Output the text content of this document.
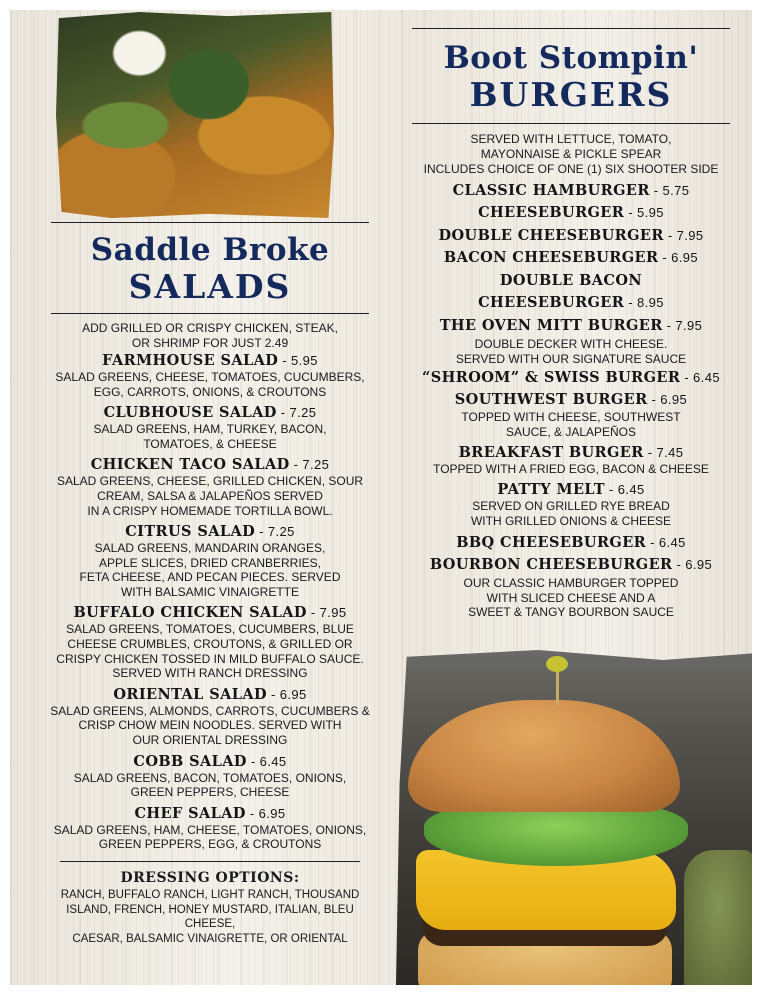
Saddle Broke
SALADS
ADD GRILLED OR CRISPY CHICKEN, STEAK,
OR SHRIMP FOR JUST 2.49
FARMHOUSE SALAD - 5.95
SALAD GREENS, CHEESE, TOMATOES, CUCUMBERS,
EGG, CARROTS, ONIONS, & CROUTONS
CLUBHOUSE SALAD - 7.25
SALAD GREENS, HAM, TURKEY, BACON,
TOMATOES, & CHEESE
CHICKEN TACO SALAD - 7.25
SALAD GREENS, CHEESE, GRILLED CHICKEN, SOUR
CREAM, SALSA & JALAPEÑOS SERVED
IN A CRISPY HOMEMADE TORTILLA BOWL.
CITRUS SALAD - 7.25
SALAD GREENS, MANDARIN ORANGES,
APPLE SLICES, DRIED CRANBERRIES,
FETA CHEESE, AND PECAN PIECES. SERVED
WITH BALSAMIC VINAIGRETTE
BUFFALO CHICKEN SALAD - 7.95
SALAD GREENS, TOMATOES, CUCUMBERS, BLUE
CHEESE CRUMBLES, CROUTONS, & GRILLED OR
CRISPY CHICKEN TOSSED IN MILD BUFFALO SAUCE.
SERVED WITH RANCH DRESSING
ORIENTAL SALAD - 6.95
SALAD GREENS, ALMONDS, CARROTS, CUCUMBERS &
CRISP CHOW MEIN NOODLES. SERVED WITH
OUR ORIENTAL DRESSING
COBB SALAD - 6.45
SALAD GREENS, BACON, TOMATOES, ONIONS,
GREEN PEPPERS, CHEESE
CHEF SALAD - 6.95
SALAD GREENS, HAM, CHEESE, TOMATOES, ONIONS,
GREEN PEPPERS, EGG, & CROUTONS
DRESSING OPTIONS:
RANCH, BUFFALO RANCH, LIGHT RANCH, THOUSAND
ISLAND, FRENCH, HONEY MUSTARD, ITALIAN, BLEU CHEESE,
CAESAR, BALSAMIC VINAIGRETTE, OR ORIENTAL
Boot Stompin'
BURGERS
SERVED WITH LETTUCE, TOMATO,
MAYONNAISE & PICKLE SPEAR
INCLUDES CHOICE OF ONE (1) SIX SHOOTER SIDE
CLASSIC HAMBURGER - 5.75
CHEESEBURGER - 5.95
DOUBLE CHEESEBURGER - 7.95
BACON CHEESEBURGER - 6.95
DOUBLE BACON
CHEESEBURGER - 8.95
THE OVEN MITT BURGER - 7.95
DOUBLE DECKER WITH CHEESE.
SERVED WITH OUR SIGNATURE SAUCE
“SHROOM” & SWISS BURGER - 6.45
SOUTHWEST BURGER - 6.95
TOPPED WITH CHEESE, SOUTHWEST
SAUCE, & JALAPEÑOS
BREAKFAST BURGER - 7.45
TOPPED WITH A FRIED EGG, BACON & CHEESE
PATTY MELT - 6.45
SERVED ON GRILLED RYE BREAD
WITH GRILLED ONIONS & CHEESE
BBQ CHEESEBURGER - 6.45
BOURBON CHEESEBURGER - 6.95
OUR CLASSIC HAMBURGER TOPPED
WITH SLICED CHEESE AND A
SWEET & TANGY BOURBON SAUCE
